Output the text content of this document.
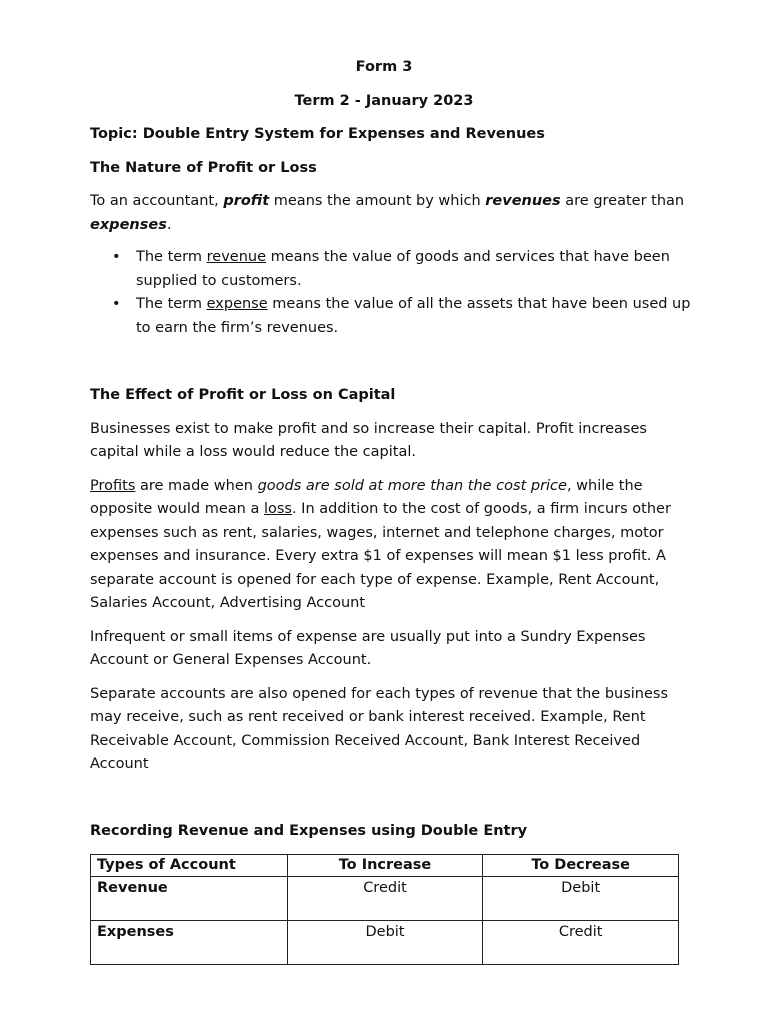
Form 3
Term 2 - January 2023
Topic: Double Entry System for Expenses and Revenues
The Nature of Profit or Loss
To an accountant, profit means the amount by which revenues are greater than
expenses.
• The term revenue means the value of goods and services that have been
supplied to customers.
• The term expense means the value of all the assets that have been used up
to earn the firm’s revenues.
The Effect of Profit or Loss on Capital
Businesses exist to make profit and so increase their capital. Profit increases
capital while a loss would reduce the capital.
Profits are made when goods are sold at more than the cost price, while the
opposite would mean a loss. In addition to the cost of goods, a firm incurs other
expenses such as rent, salaries, wages, internet and telephone charges, motor
expenses and insurance. Every extra $1 of expenses will mean $1 less profit. A
separate account is opened for each type of expense. Example, Rent Account,
Salaries Account, Advertising Account
Infrequent or small items of expense are usually put into a Sundry Expenses
Account or General Expenses Account.
Separate accounts are also opened for each types of revenue that the business
may receive, such as rent received or bank interest received. Example, Rent
Receivable Account, Commission Received Account, Bank Interest Received
Account
Recording Revenue and Expenses using Double Entry
Types of Account	To Increase	To Decrease
Revenue	Credit	Debit
Expenses	Debit	Credit
